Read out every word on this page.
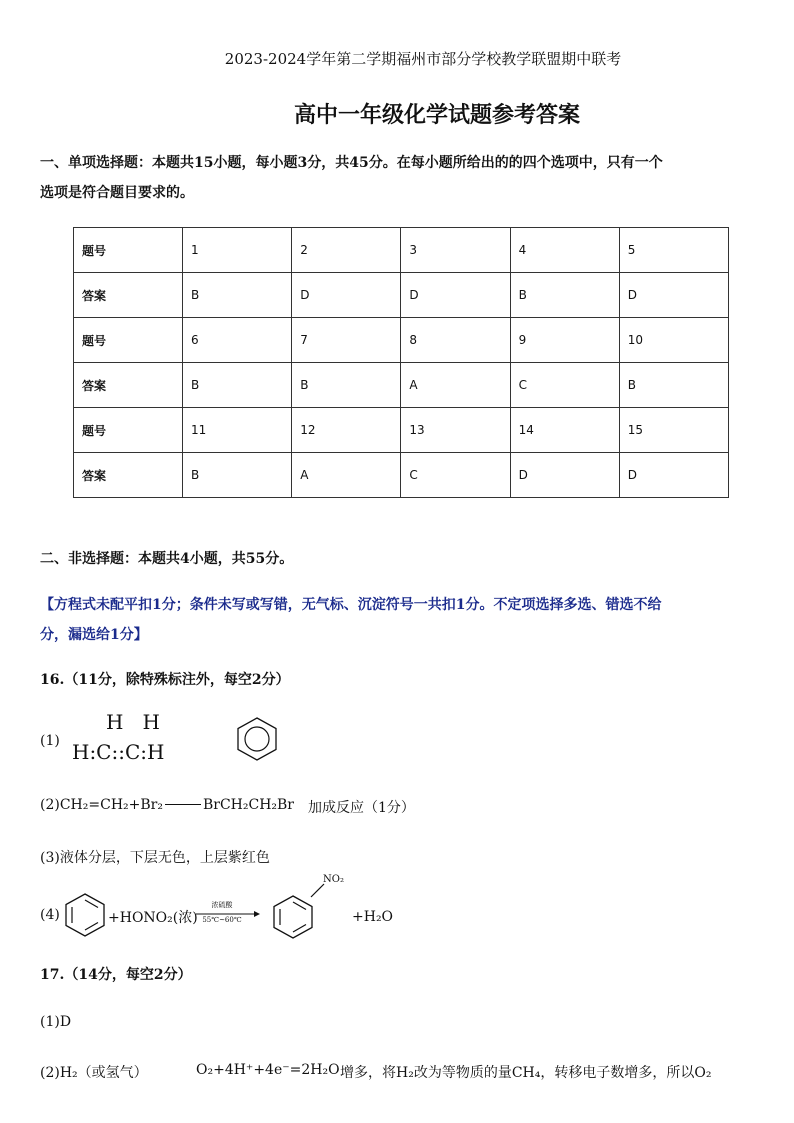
2023-2024学年第二学期福州市部分学校教学联盟期中联考
高中一年级化学试题参考答案
一、单项选择题：本题共15小题，每小题3分，共45分。在每小题所给出的的四个选项中，只有一个
选项是符合题目要求的。
题号	1	2	3	4	5
答案	B	D	D	B	D
题号	6	7	8	9	10
答案	B	B	A	C	B
题号	11	12	13	14	15
答案	B	A	C	D	D
二、非选择题：本题共4小题，共55分。
【方程式未配平扣1分；条件未写或写错，无气标、沉淀符号一共扣1分。不定项选择多选、错选不给
分，漏选给1分】
16.（11分，除特殊标注外，每空2分）
(1)
H   H
H:C::C:H
(2)CH₂=CH₂+Br₂	BrCH₂CH₂Br 加成反应（1分）
(3)液体分层，下层无色，上层紫红色
(4)	+HONO₂(浓)
浓硫酸
55℃~60℃
NO₂
+H₂O
17.（14分，每空2分）
(1)D
(2)H₂（或氢气）	O₂+4H⁺+4e⁻=2H₂O 增多，将H₂改为等物质的量CH₄，转移电子数增多，所以O₂
